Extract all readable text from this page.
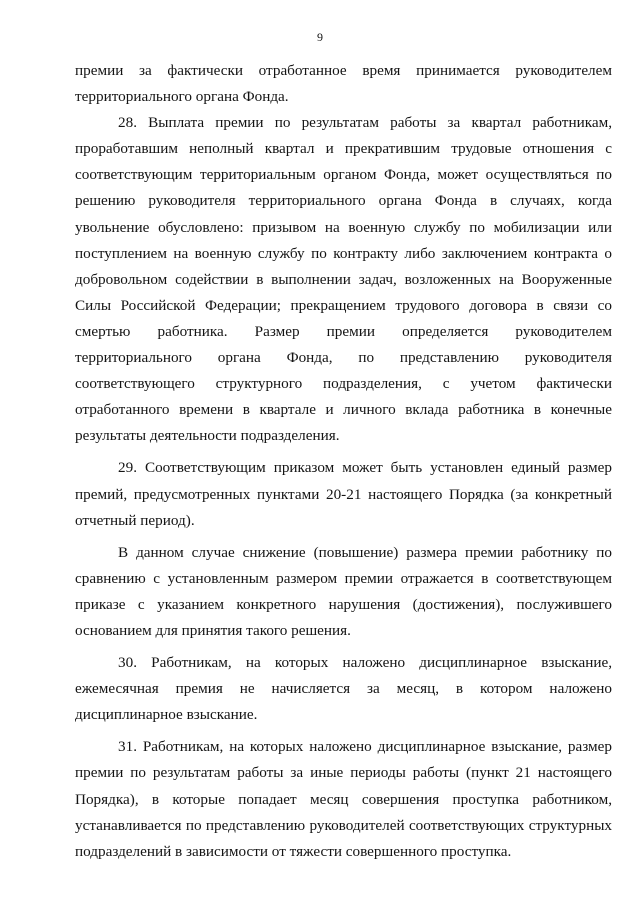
9

премии за фактически отработанное время принимается руководителем территориального органа Фонда.

28. Выплата премии по результатам работы за квартал работникам, проработавшим неполный квартал и прекратившим трудовые отношения с соответствующим территориальным органом Фонда, может осуществляться по решению руководителя территориального органа Фонда в случаях, когда увольнение обусловлено: призывом на военную службу по мобилизации или поступлением на военную службу по контракту либо заключением контракта о добровольном содействии в выполнении задач, возложенных на Вооруженные Силы Российской Федерации; прекращением трудового договора в связи со смертью работника. Размер премии определяется руководителем территориального органа Фонда, по представлению руководителя соответствующего структурного подразделения, с учетом фактически отработанного времени в квартале и личного вклада работника в конечные результаты деятельности подразделения.

29. Соответствующим приказом может быть установлен единый размер премий, предусмотренных пунктами 20-21 настоящего Порядка (за конкретный отчетный период).

В данном случае снижение (повышение) размера премии работнику по сравнению с установленным размером премии отражается в соответствующем приказе с указанием конкретного нарушения (достижения), послужившего основанием для принятия такого решения.

30. Работникам, на которых наложено дисциплинарное взыскание, ежемесячная премия не начисляется за месяц, в котором наложено дисциплинарное взыскание.

31. Работникам, на которых наложено дисциплинарное взыскание, размер премии по результатам работы за иные периоды работы (пункт 21 настоящего Порядка), в которые попадает месяц совершения проступка работником, устанавливается по представлению руководителей соответствующих структурных подразделений в зависимости от тяжести совершенного проступка.
